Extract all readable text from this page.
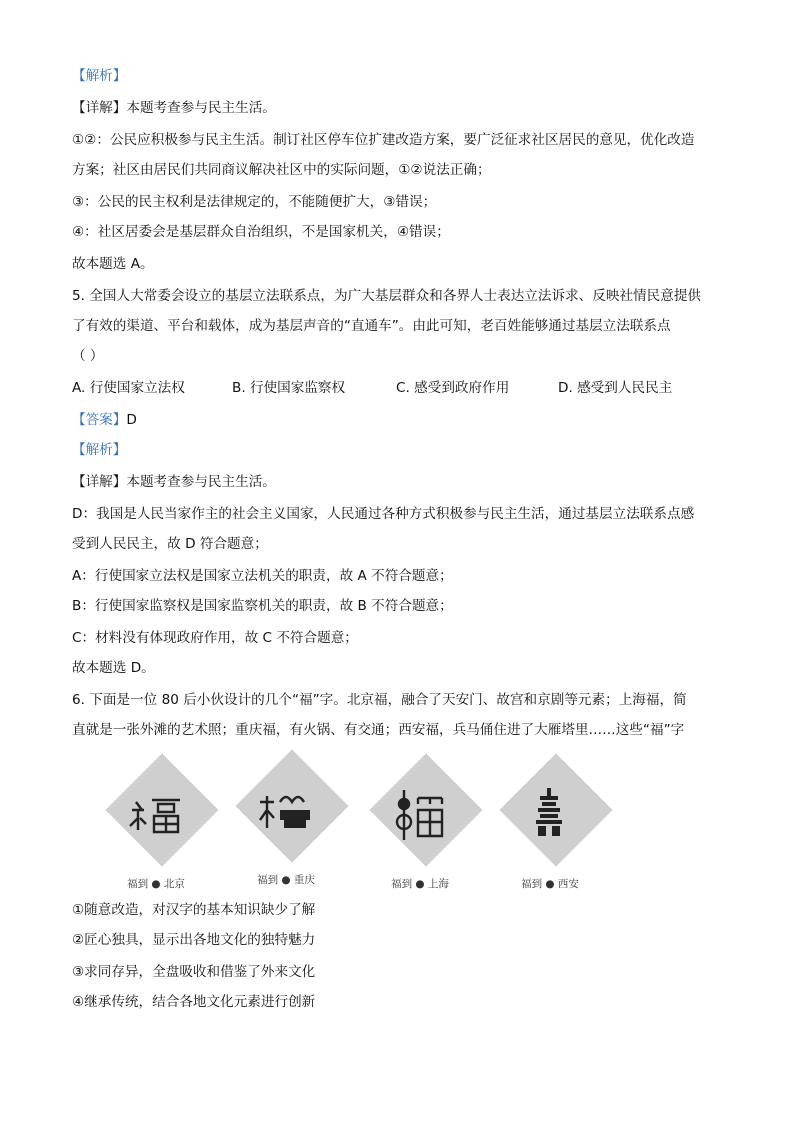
【解析】
【详解】本题考查参与民主生活。
①②：公民应积极参与民主生活。制订社区停车位扩建改造方案，要广泛征求社区居民的意见，优化改造
方案；社区由居民们共同商议解决社区中的实际问题，①②说法正确；
③：公民的民主权利是法律规定的，不能随便扩大，③错误；
④：社区居委会是基层群众自治组织，不是国家机关，④错误；
故本题选 A。
5. 全国人大常委会设立的基层立法联系点，为广大基层群众和各界人士表达立法诉求、反映社情民意提供
了有效的渠道、平台和载体，成为基层声音的“直通车”。由此可知，老百姓能够通过基层立法联系点
（ ）
A. 行使国家立法权	B. 行使国家监察权	C. 感受到政府作用	D. 感受到人民民主
【答案】D
【解析】
【详解】本题考查参与民主生活。
D：我国是人民当家作主的社会主义国家，人民通过各种方式积极参与民主生活，通过基层立法联系点感
受到人民民主，故 D 符合题意；
A：行使国家立法权是国家立法机关的职责，故 A 不符合题意；
B：行使国家监察权是国家监察机关的职责，故 B 不符合题意；
C：材料没有体现政府作用，故 C 不符合题意；
故本题选 D。
6. 下面是一位 80 后小伙设计的几个“福”字。北京福，融合了天安门、故宫和京剧等元素；上海福，简
直就是一张外滩的艺术照；重庆福，有火锅、有交通；西安福，兵马俑住进了大雁塔里……这些“福”字
福到 ● 北京	福到 ● 重庆	福到 ● 上海	福到 ● 西安
①随意改造，对汉字的基本知识缺少了解
②匠心独具，显示出各地文化的独特魅力
③求同存异，全盘吸收和借鉴了外来文化
④继承传统，结合各地文化元素进行创新
